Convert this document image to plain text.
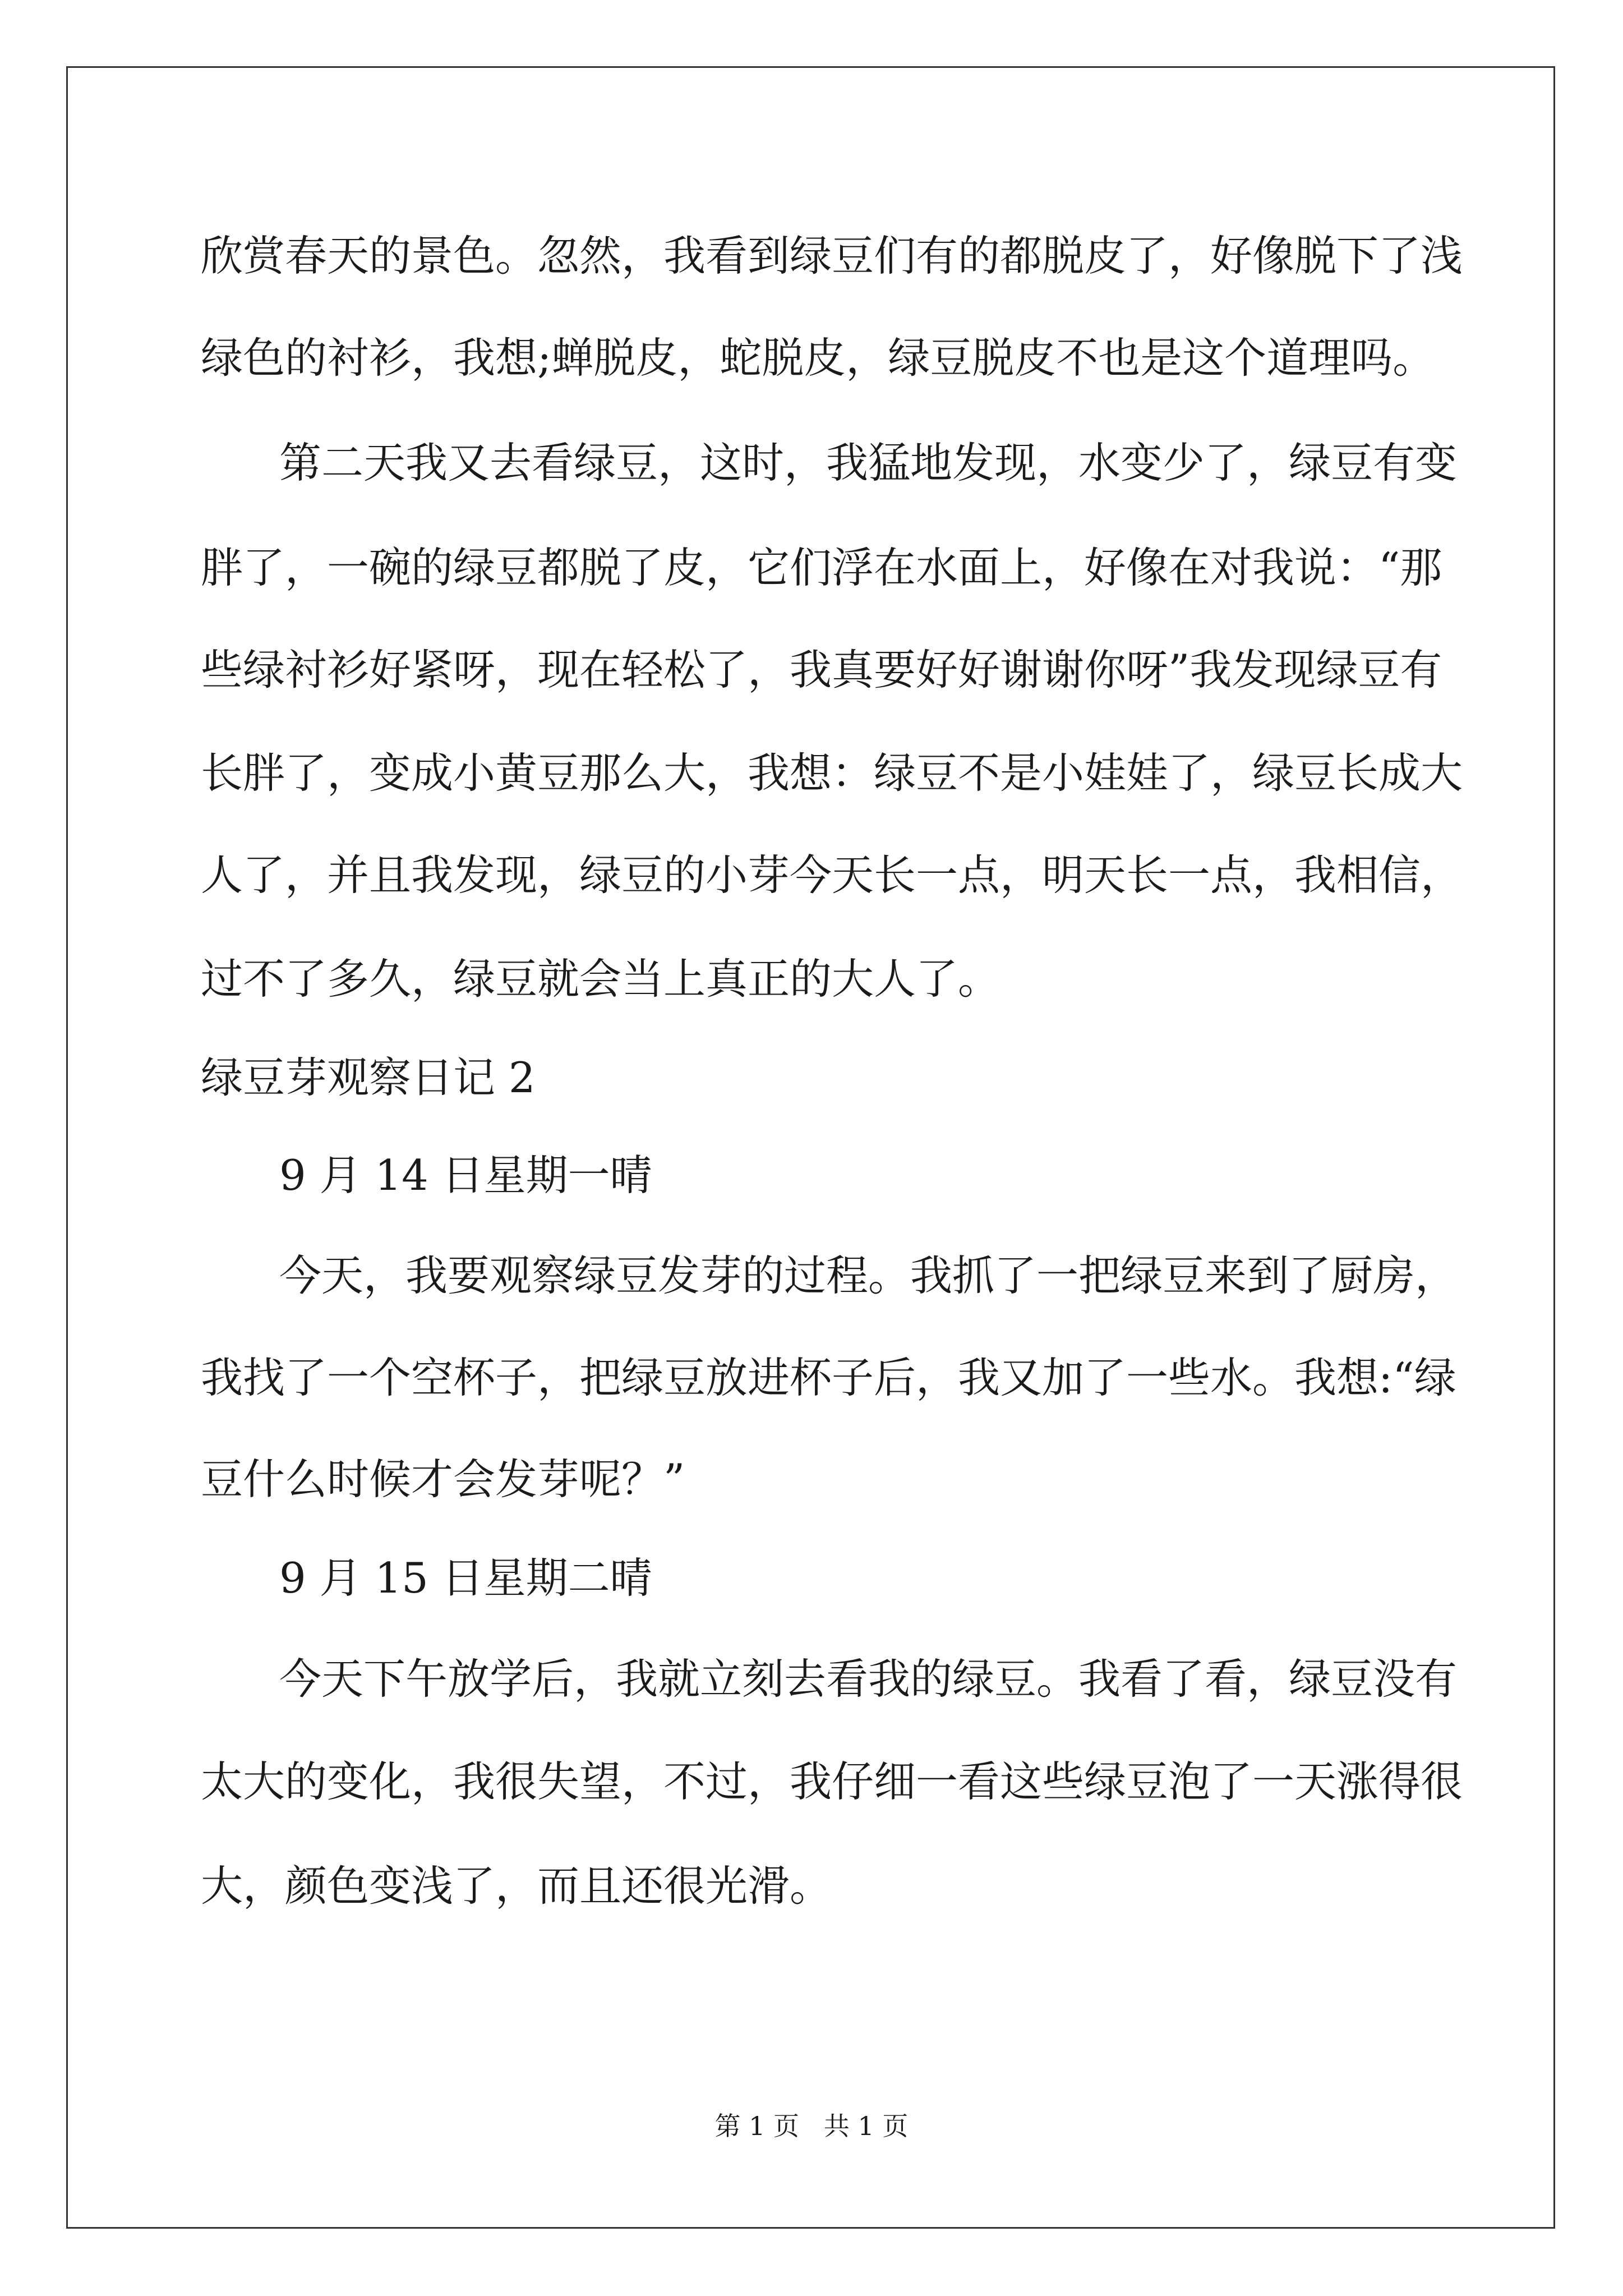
欣赏春天的景色。忽然，我看到绿豆们有的都脱皮了，好像脱下了浅

绿色的衬衫，我想;蝉脱皮，蛇脱皮，绿豆脱皮不也是这个道理吗。

第二天我又去看绿豆，这时，我猛地发现，水变少了，绿豆有变

胖了，一碗的绿豆都脱了皮，它们浮在水面上，好像在对我说：“那

些绿衬衫好紧呀，现在轻松了，我真要好好谢谢你呀”我发现绿豆有

长胖了，变成小黄豆那么大，我想：绿豆不是小娃娃了，绿豆长成大

人了，并且我发现，绿豆的小芽今天长一点，明天长一点，我相信，

过不了多久，绿豆就会当上真正的大人了。

绿豆芽观察日记 2

9 月 14 日星期一晴

今天，我要观察绿豆发芽的过程。我抓了一把绿豆来到了厨房，

我找了一个空杯子，把绿豆放进杯子后，我又加了一些水。我想:“绿

豆什么时候才会发芽呢？”

9 月 15 日星期二晴

今天下午放学后，我就立刻去看我的绿豆。我看了看，绿豆没有

太大的变化，我很失望，不过，我仔细一看这些绿豆泡了一天涨得很

大，颜色变浅了，而且还很光滑。

第 1 页   共 1 页
